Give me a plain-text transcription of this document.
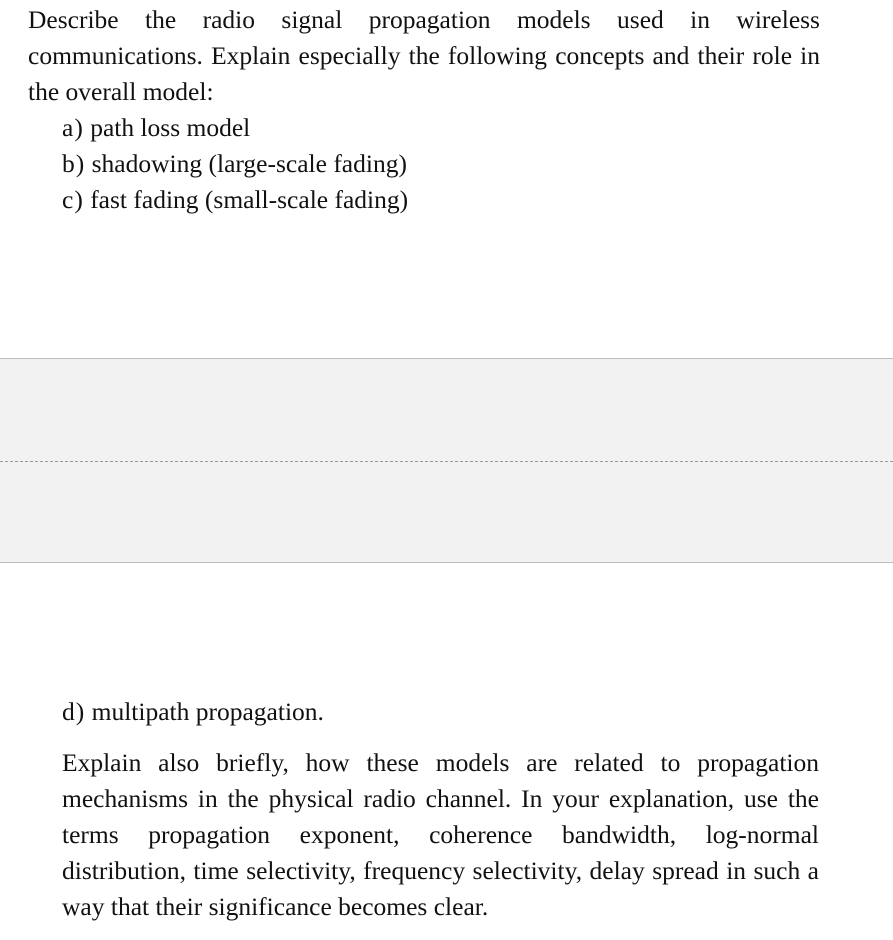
Describe the radio signal propagation models used in wireless communications. Explain especially the following concepts and their role in the overall model:
a) path loss model
b) shadowing (large-scale fading)
c) fast fading (small-scale fading)
d) multipath propagation.
Explain also briefly, how these models are related to propagation mechanisms in the physical radio channel. In your explanation, use the terms propagation exponent, coherence bandwidth, log-normal distribution, time selectivity, frequency selectivity, delay spread in such a way that their significance becomes clear.
